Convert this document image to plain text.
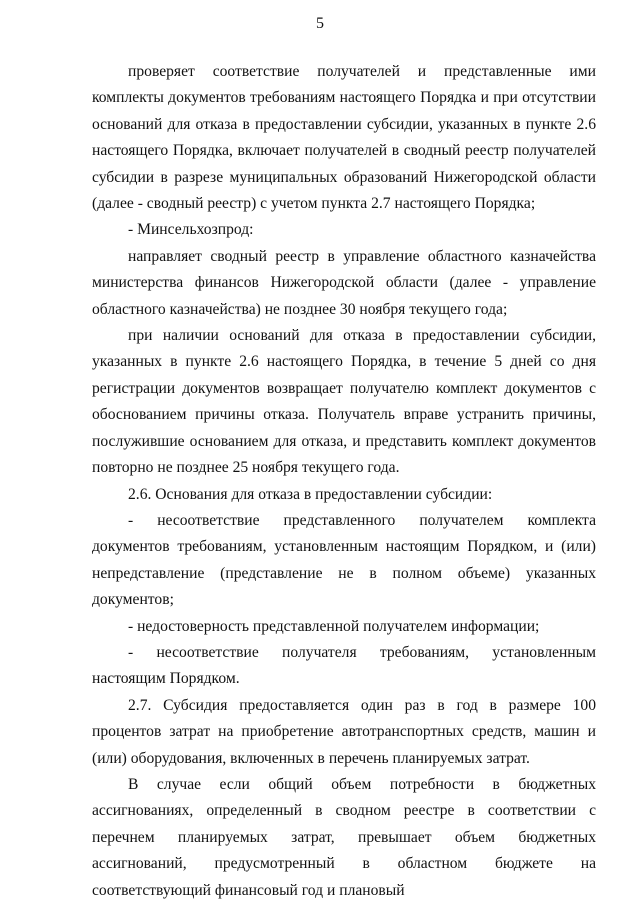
5

проверяет соответствие получателей и представленные ими комплекты документов требованиям настоящего Порядка и при отсутствии оснований для отказа в предоставлении субсидии, указанных в пункте 2.6 настоящего Порядка, включает получателей в сводный реестр получателей субсидии в разрезе муниципальных образований Нижегородской области (далее - сводный реестр) с учетом пункта 2.7 настоящего Порядка;

- Минсельхозпрод:

направляет сводный реестр в управление областного казначейства министерства финансов Нижегородской области (далее - управление областного казначейства) не позднее 30 ноября текущего года;

при наличии оснований для отказа в предоставлении субсидии, указанных в пункте 2.6 настоящего Порядка, в течение 5 дней со дня регистрации документов возвращает получателю комплект документов с обоснованием причины отказа. Получатель вправе устранить причины, послужившие основанием для отказа, и представить комплект документов повторно не позднее 25 ноября текущего года.

2.6. Основания для отказа в предоставлении субсидии:

- несоответствие представленного получателем комплекта документов требованиям, установленным настоящим Порядком, и (или) непредставление (представление не в полном объеме) указанных документов;

- недостоверность представленной получателем информации;

- несоответствие получателя требованиям, установленным настоящим Порядком.

2.7. Субсидия предоставляется один раз в год в размере 100 процентов затрат на приобретение автотранспортных средств, машин и (или) оборудования, включенных в перечень планируемых затрат.

В случае если общий объем потребности в бюджетных ассигнованиях, определенный в сводном реестре в соответствии с перечнем планируемых затрат, превышает объем бюджетных ассигнований, предусмотренный в областном бюджете на соответствующий финансовый год и плановый
